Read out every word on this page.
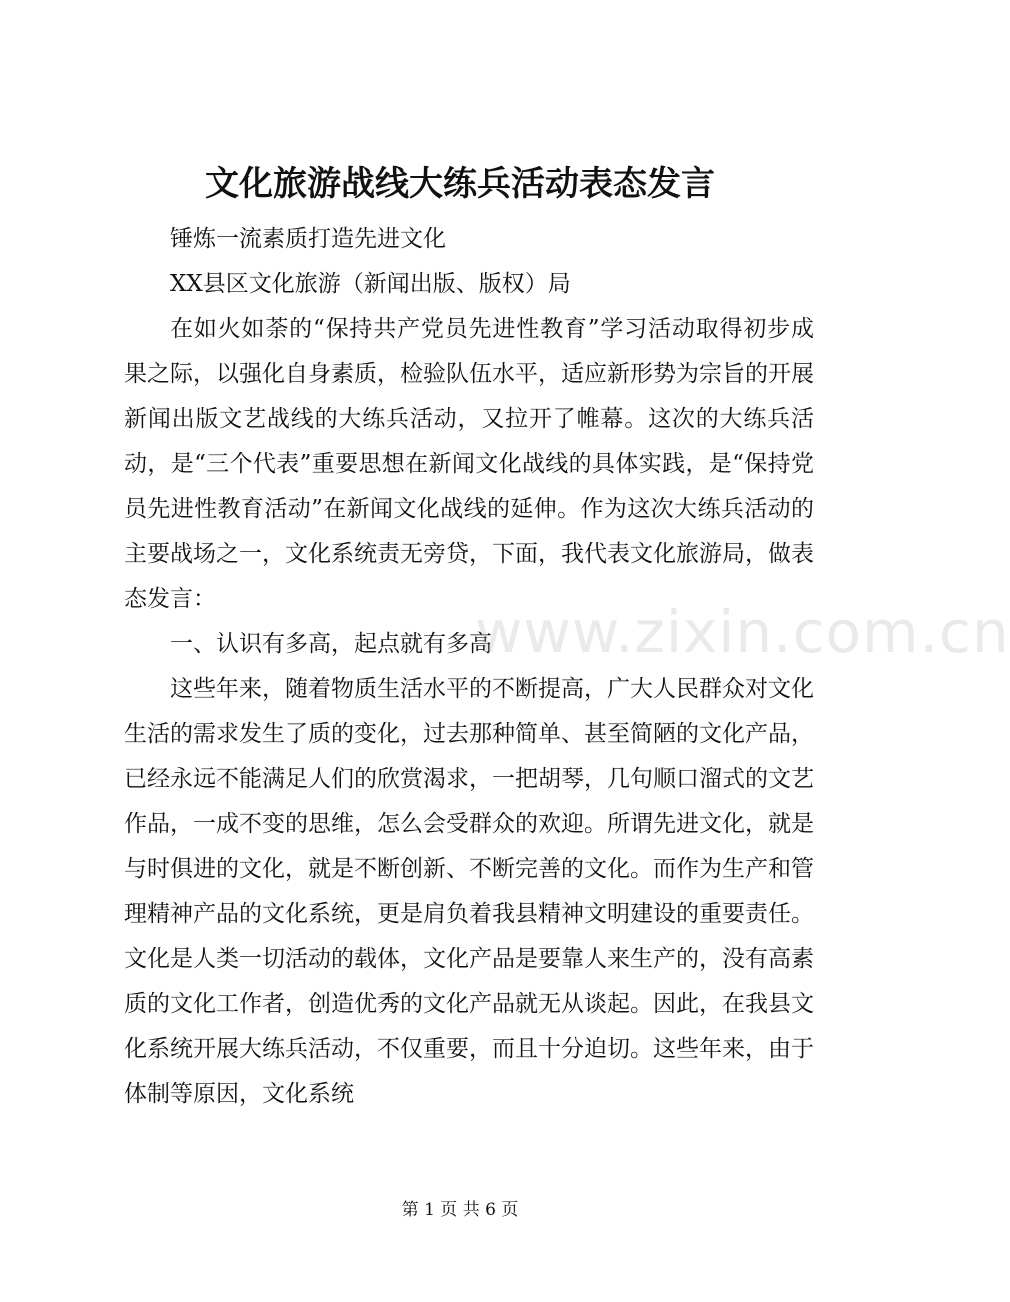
文化旅游战线大练兵活动表态发言

锤炼一流素质打造先进文化

XX县区文化旅游（新闻出版、版权）局

在如火如荼的“保持共产党员先进性教育”学习活动取得初步成果之际，以强化自身素质，检验队伍水平，适应新形势为宗旨的开展新闻出版文艺战线的大练兵活动，又拉开了帷幕。这次的大练兵活动，是“三个代表”重要思想在新闻文化战线的具体实践，是“保持党员先进性教育活动”在新闻文化战线的延伸。作为这次大练兵活动的主要战场之一，文化系统责无旁贷，下面，我代表文化旅游局，做表态发言：

一、认识有多高，起点就有多高

这些年来，随着物质生活水平的不断提高，广大人民群众对文化生活的需求发生了质的变化，过去那种简单、甚至简陋的文化产品，已经永远不能满足人们的欣赏渴求，一把胡琴，几句顺口溜式的文艺作品，一成不变的思维，怎么会受群众的欢迎。所谓先进文化，就是与时俱进的文化，就是不断创新、不断完善的文化。而作为生产和管理精神产品的文化系统，更是肩负着我县精神文明建设的重要责任。文化是人类一切活动的载体，文化产品是要靠人来生产的，没有高素质的文化工作者，创造优秀的文化产品就无从谈起。因此，在我县文化系统开展大练兵活动，不仅重要，而且十分迫切。这些年来，由于体制等原因，文化系统

www.zixin.com.cn
第 1 页 共 6 页
